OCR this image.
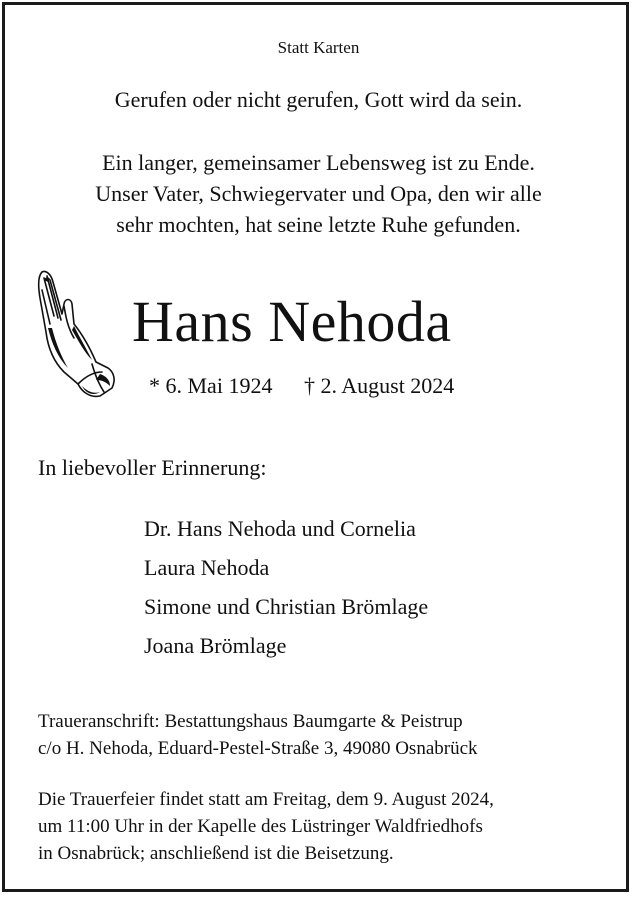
Statt Karten
Gerufen oder nicht gerufen, Gott wird da sein.
Ein langer, gemeinsamer Lebensweg ist zu Ende.
Unser Vater, Schwiegervater und Opa, den wir alle
sehr mochten, hat seine letzte Ruhe gefunden.
Hans Nehoda
* 6. Mai 1924 † 2. August 2024
In liebevoller Erinnerung:
Dr. Hans Nehoda und Cornelia
Laura Nehoda
Simone und Christian Brömlage
Joana Brömlage
Traueranschrift: Bestattungshaus Baumgarte & Peistrup
c/o H. Nehoda, Eduard-Pestel-Straße 3, 49080 Osnabrück
Die Trauerfeier findet statt am Freitag, dem 9. August 2024,
um 11:00 Uhr in der Kapelle des Lüstringer Waldfriedhofs
in Osnabrück; anschließend ist die Beisetzung.
